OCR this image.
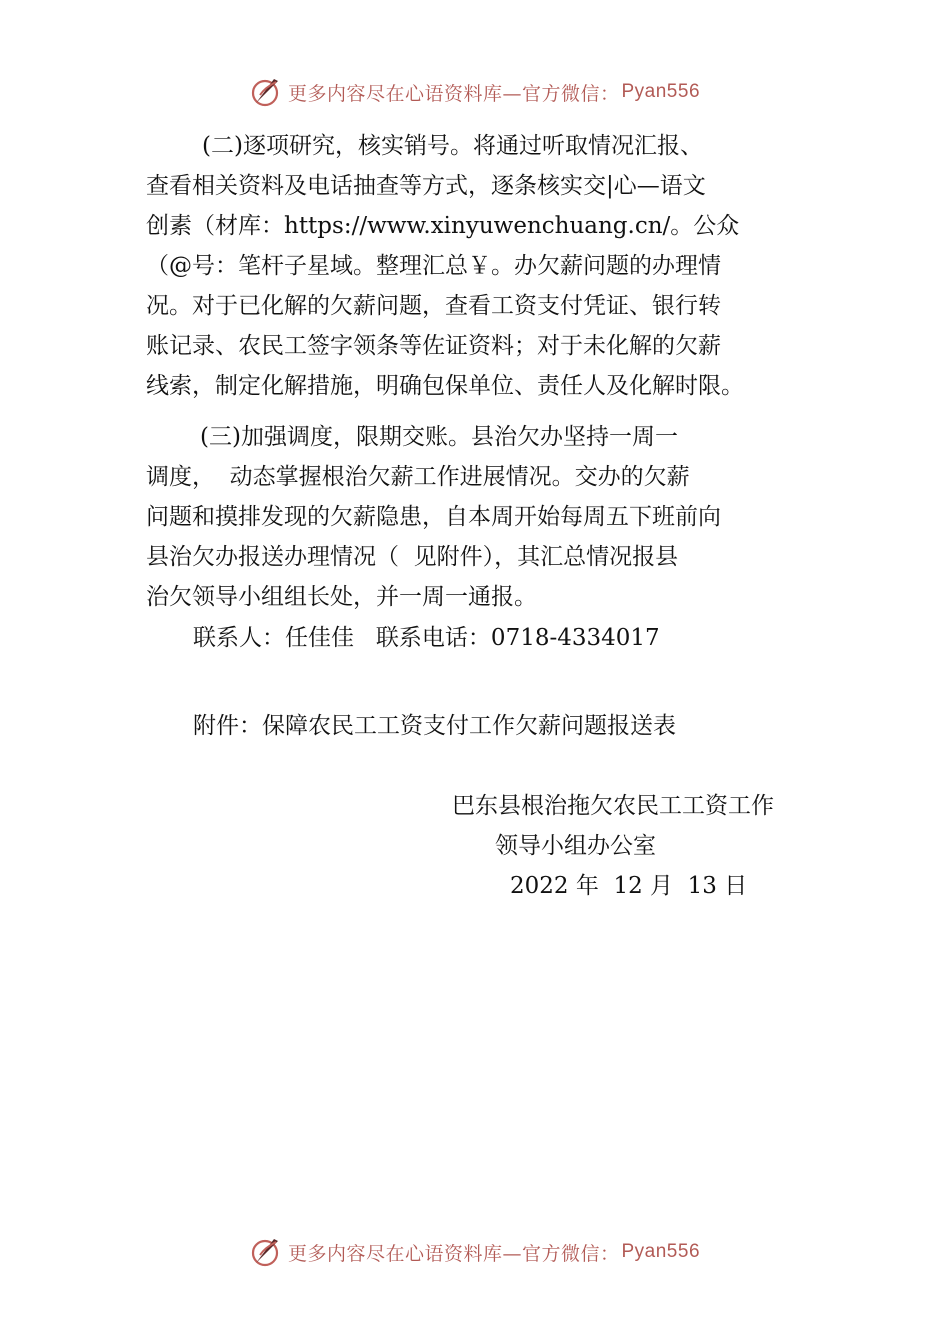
更多内容尽在心语资料库—官方微信： Pyan556
(二)逐项研究，核实销号。将通过听取情况汇报、
查看相关资料及电话抽查等方式，逐条核实交|心—语文
创素（材库：https://www.xinyuwenchuang.cn/。公众
（@号：笔杆子星域。整理汇总￥。办欠薪问题的办理情
况。对于已化解的欠薪问题，查看工资支付凭证、银行转
账记录、农民工签字领条等佐证资料；对于未化解的欠薪
线索，制定化解措施，明确包保单位、责任人及化解时限。
(三)加强调度，限期交账。县治欠办坚持一周一
调度，  动态掌握根治欠薪工作进展情况。交办的欠薪
问题和摸排发现的欠薪隐患，自本周开始每周五下班前向
县治欠办报送办理情况（  见附件），其汇总情况报县
治欠领导小组组长处，并一周一通报。
联系人：任佳佳   联系电话：0718-4334017
附件：保障农民工工资支付工作欠薪问题报送表
巴东县根治拖欠农民工工资工作
领导小组办公室
2022 年  12 月  13 日
更多内容尽在心语资料库—官方微信： Pyan556
